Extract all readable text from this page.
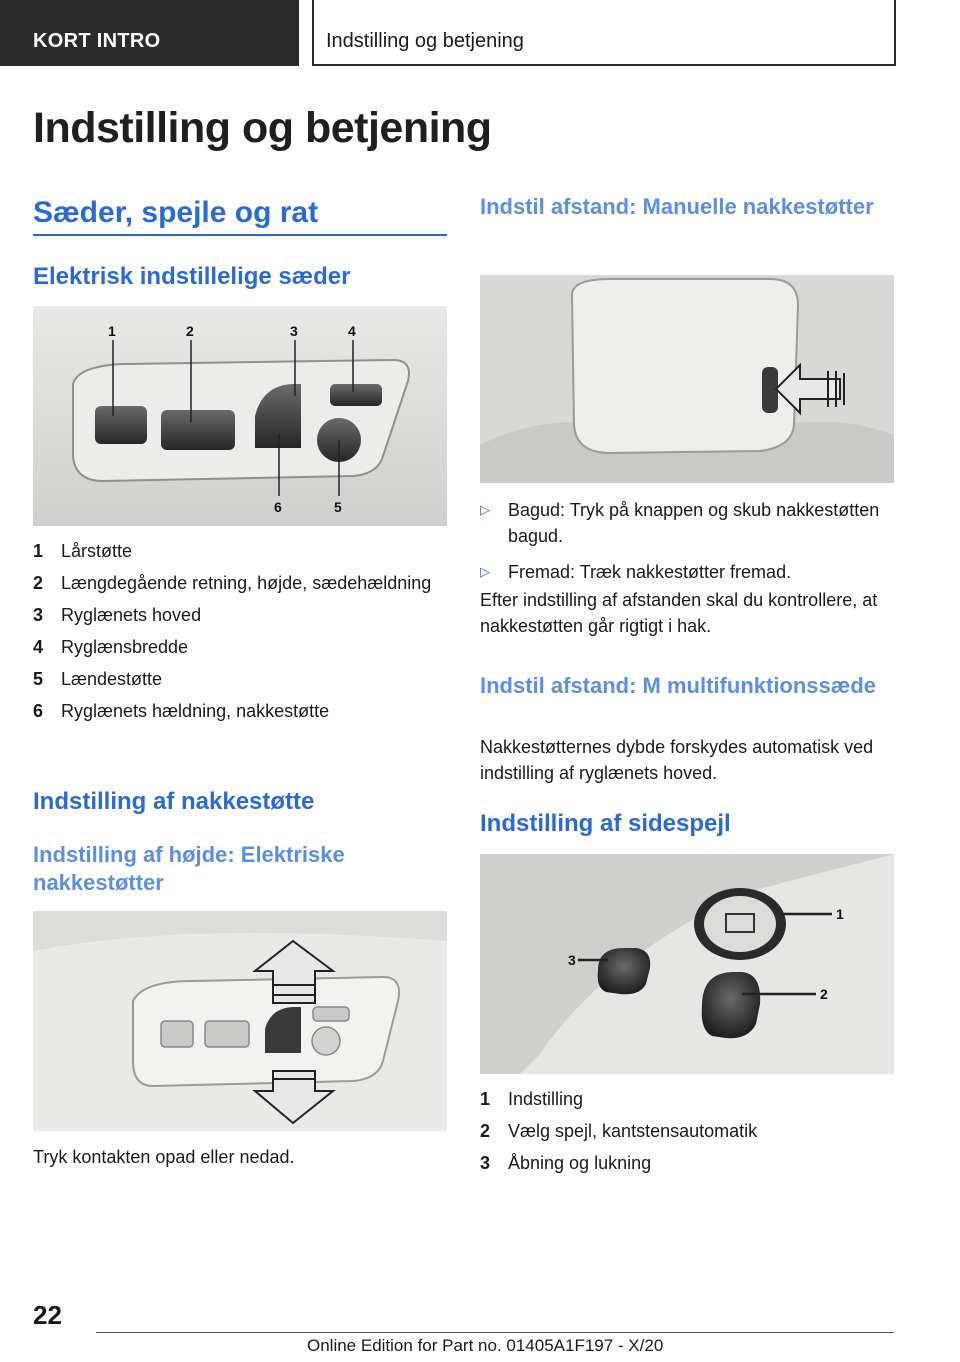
KORT INTRO	Indstilling og betjening
Indstilling og betjening
Sæder, spejle og rat
Elektrisk indstillelige sæder
1	2	3	4
5
6
1 Lårstøtte
2 Længdegående retning, højde, sædehældning
3 Ryglænets hoved
4 Ryglænsbredde
5 Lændestøtte
6 Ryglænets hældning, nakkestøtte
Indstilling af nakkestøtte
Indstilling af højde: Elektriske nakkestøtter
Tryk kontakten opad eller nedad.
Indstil afstand: Manuelle nakkestøtter
▷	Bagud: Tryk på knappen og skub nakkestøtten bagud.
▷	Fremad: Træk nakkestøtter fremad.
Efter indstilling af afstanden skal du kontrollere, at nakkestøtten går rigtigt i hak.
Indstil afstand: M multifunktionssæde
Nakkestøtternes dybde forskydes automatisk ved indstilling af ryglænets hoved.
Indstilling af sidespejl
1
2
3
1 Indstilling
2 Vælg spejl, kantstensautomatik
3 Åbning og lukning
22
Online Edition for Part no. 01405A1F197 - X/20
